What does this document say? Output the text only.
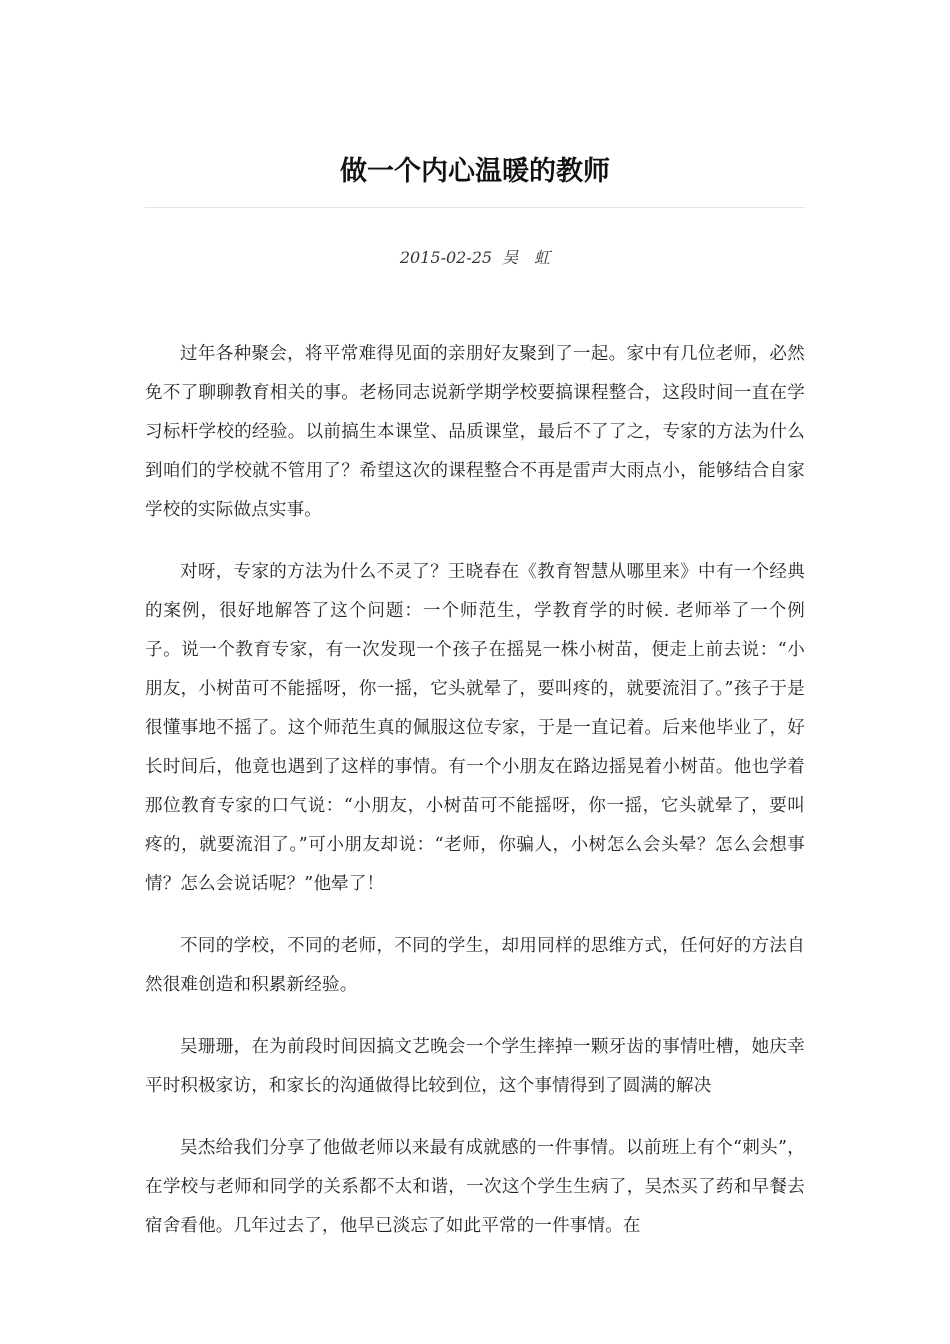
做一个内心温暖的教师
2015-02-25 吴　虹

过年各种聚会，将平常难得见面的亲朋好友聚到了一起。家中有几位老师，必然免不了聊聊教育相关的事。老杨同志说新学期学校要搞课程整合，这段时间一直在学习标杆学校的经验。以前搞生本课堂、品质课堂，最后不了了之，专家的方法为什么到咱们的学校就不管用了？希望这次的课程整合不再是雷声大雨点小，能够结合自家学校的实际做点实事。

对呀，专家的方法为什么不灵了？王晓春在《教育智慧从哪里来》中有一个经典的案例，很好地解答了这个问题：一个师范生，学教育学的时候. 老师举了一个例子。说一个教育专家，有一次发现一个孩子在摇晃一株小树苗，便走上前去说：“小朋友，小树苗可不能摇呀，你一摇，它头就晕了，要叫疼的，就要流泪了。”孩子于是很懂事地不摇了。这个师范生真的佩服这位专家，于是一直记着。后来他毕业了，好长时间后，他竟也遇到了这样的事情。有一个小朋友在路边摇晃着小树苗。他也学着那位教育专家的口气说：“小朋友，小树苗可不能摇呀，你一摇，它头就晕了，要叫疼的，就要流泪了。”可小朋友却说：“老师，你骗人，小树怎么会头晕？怎么会想事情？怎么会说话呢？”他晕了！

不同的学校，不同的老师，不同的学生，却用同样的思维方式，任何好的方法自然很难创造和积累新经验。

吴珊珊，在为前段时间因搞文艺晚会一个学生摔掉一颗牙齿的事情吐槽，她庆幸平时积极家访，和家长的沟通做得比较到位，这个事情得到了圆满的解决

吴杰给我们分享了他做老师以来最有成就感的一件事情。以前班上有个“刺头”，在学校与老师和同学的关系都不太和谐，一次这个学生生病了，吴杰买了药和早餐去宿舍看他。几年过去了，他早已淡忘了如此平常的一件事情。在
